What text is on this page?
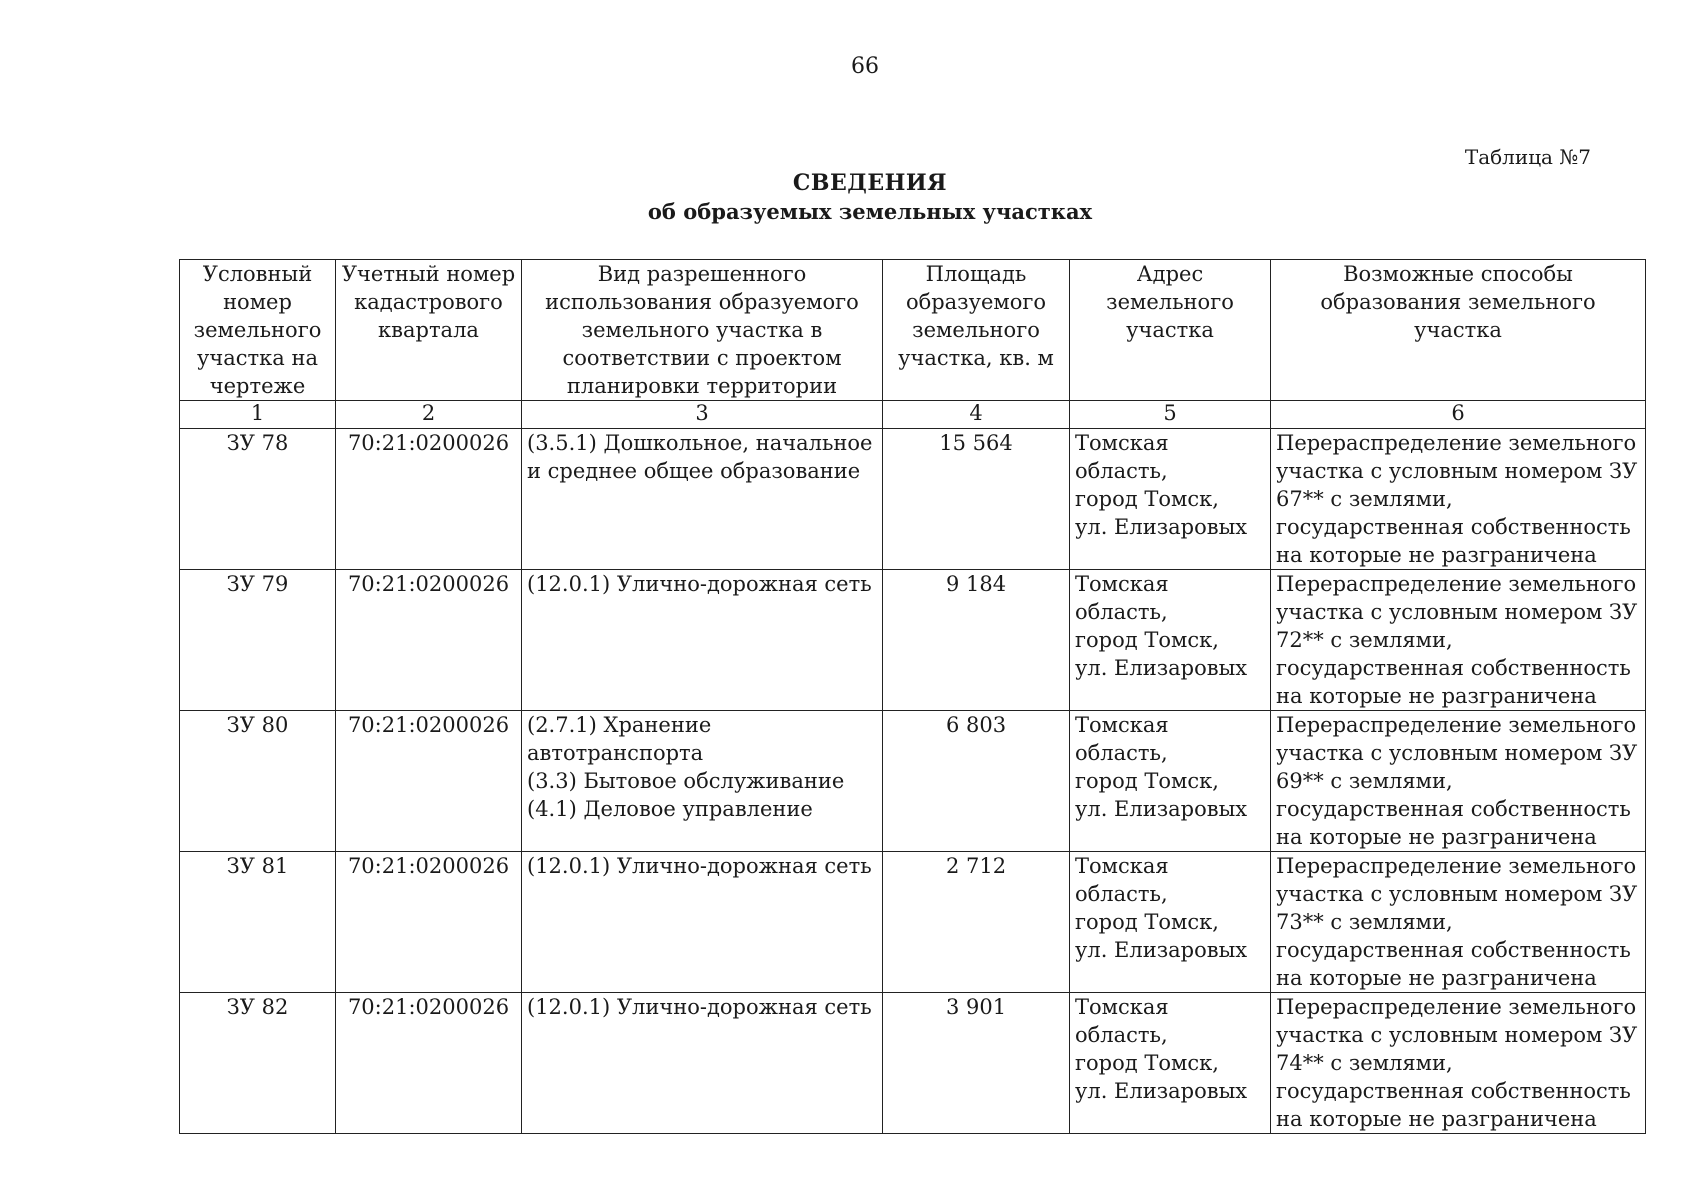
66
Таблица №7
СВЕДЕНИЯ
об образуемых земельных участках
Условный номер земельного участка на чертеже	Учетный номер кадастрового квартала	Вид разрешенного использования образуемого земельного участка в соответствии с проектом планировки территории	Площадь образуемого земельного участка, кв. м	Адрес земельного участка	Возможные способы образования земельного участка
1	2	3	4	5	6
ЗУ 78	70:21:0200026	(3.5.1) Дошкольное, начальное и среднее общее образование	15 564	Томская область,
город Томск,
ул. Елизаровых	Перераспределение земельного участка с условным номером ЗУ 67** с землями, государственная собственность на которые не разграничена
ЗУ 79	70:21:0200026	(12.0.1) Улично-дорожная сеть	9 184	Томская область,
город Томск,
ул. Елизаровых	Перераспределение земельного участка с условным номером ЗУ 72** с землями, государственная собственность на которые не разграничена
ЗУ 80	70:21:0200026	(2.7.1) Хранение автотранспорта
(3.3) Бытовое обслуживание
(4.1) Деловое управление	6 803	Томская область,
город Томск,
ул. Елизаровых	Перераспределение земельного участка с условным номером ЗУ 69** с землями, государственная собственность на которые не разграничена
ЗУ 81	70:21:0200026	(12.0.1) Улично-дорожная сеть	2 712	Томская область,
город Томск,
ул. Елизаровых	Перераспределение земельного участка с условным номером ЗУ 73** с землями, государственная собственность на которые не разграничена
ЗУ 82	70:21:0200026	(12.0.1) Улично-дорожная сеть	3 901	Томская область,
город Томск,
ул. Елизаровых	Перераспределение земельного участка с условным номером ЗУ 74** с землями, государственная собственность на которые не разграничена
